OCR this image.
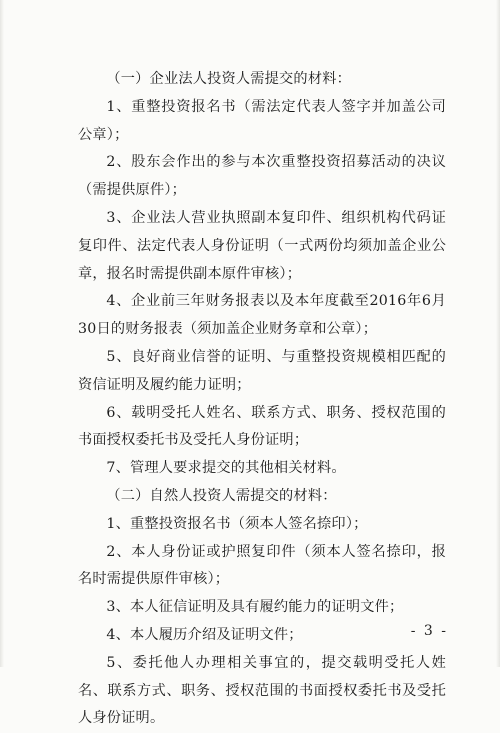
（一）企业法人投资人需提交的材料：

1、重整投资报名书（需法定代表人签字并加盖公司公章）；

2、股东会作出的参与本次重整投资招募活动的决议（需提供原件）；

3、企业法人营业执照副本复印件、组织机构代码证复印件、法定代表人身份证明（一式两份均须加盖企业公章，报名时需提供副本原件审核）；

4、企业前三年财务报表以及本年度截至2016年6月30日的财务报表（须加盖企业财务章和公章）；

5、良好商业信誉的证明、与重整投资规模相匹配的资信证明及履约能力证明；

6、载明受托人姓名、联系方式、职务、授权范围的书面授权委托书及受托人身份证明；

7、管理人要求提交的其他相关材料。

（二）自然人投资人需提交的材料：

1、重整投资报名书（须本人签名捺印）；

2、本人身份证或护照复印件（须本人签名捺印，报名时需提供原件审核）；

3、本人征信证明及具有履约能力的证明文件；

4、本人履历介绍及证明文件；

5、委托他人办理相关事宜的，提交载明受托人姓名、联系方式、职务、授权范围的书面授权委托书及受托人身份证明。

- 3 -
